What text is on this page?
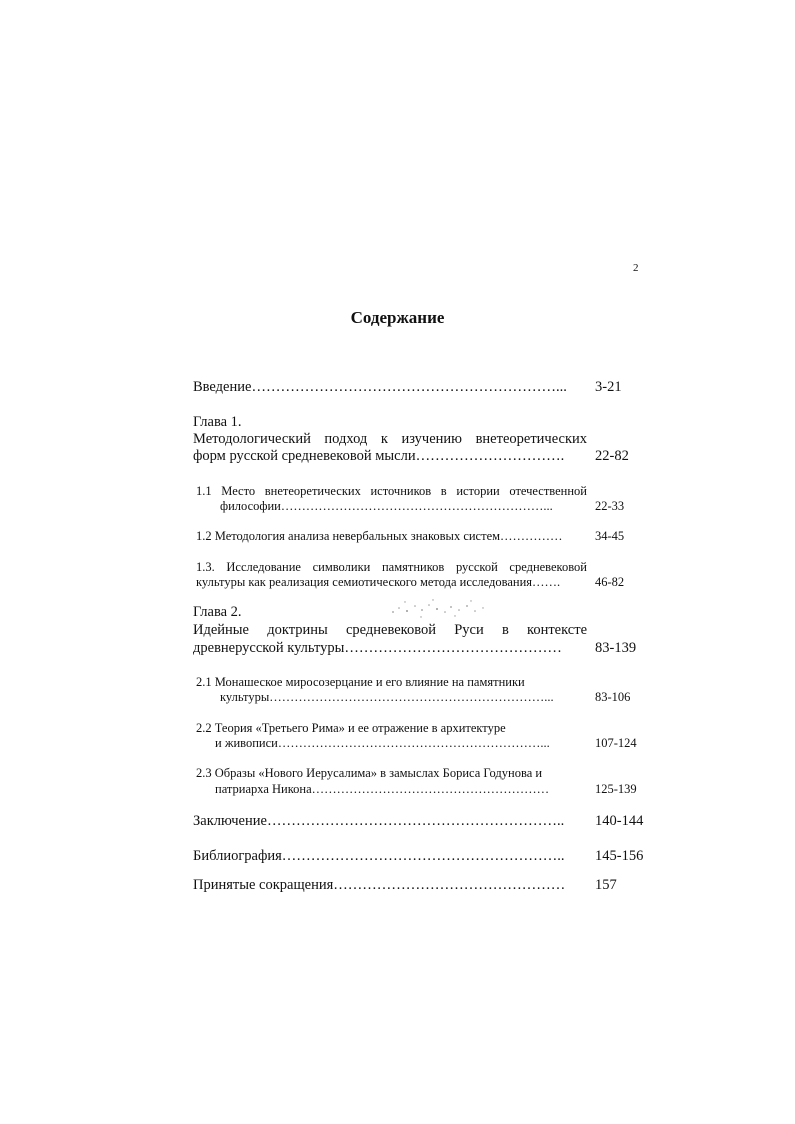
2
Содержание
Введение………………………………………………………... 3-21
Глава 1.
Методологический подход к изучению внетеоретических
форм русской средневековой мысли…………………………. 22-82
1.1 Место внетеоретических источников в истории отечественной
философии………………………………………………………...	22-33
1.2 Методология анализа невербальных знаковых систем……………	34-45
1.3. Исследование символики памятников русской средневековой
культуры как реализация семиотического метода исследования…….	46-82
Глава 2.
Идейные доктрины средневековой Руси в контексте
древнерусской культуры……………………………………… 83-139
2.1 Монашеское миросозерцание и его влияние на памятники
культуры…………………………………………………………...	83-106
2.2 Теория «Третьего Рима» и ее отражение в архитектуре
и живописи………………………………………………………...	107-124
2.3 Образы «Нового Иерусалима» в замыслах Бориса Годунова и
патриарха Никона…………………………………………………	125-139
Заключение…………………………………………………….. 140-144
Библиография………………………………………………….. 145-156
Принятые сокращения………………………………………… 157
